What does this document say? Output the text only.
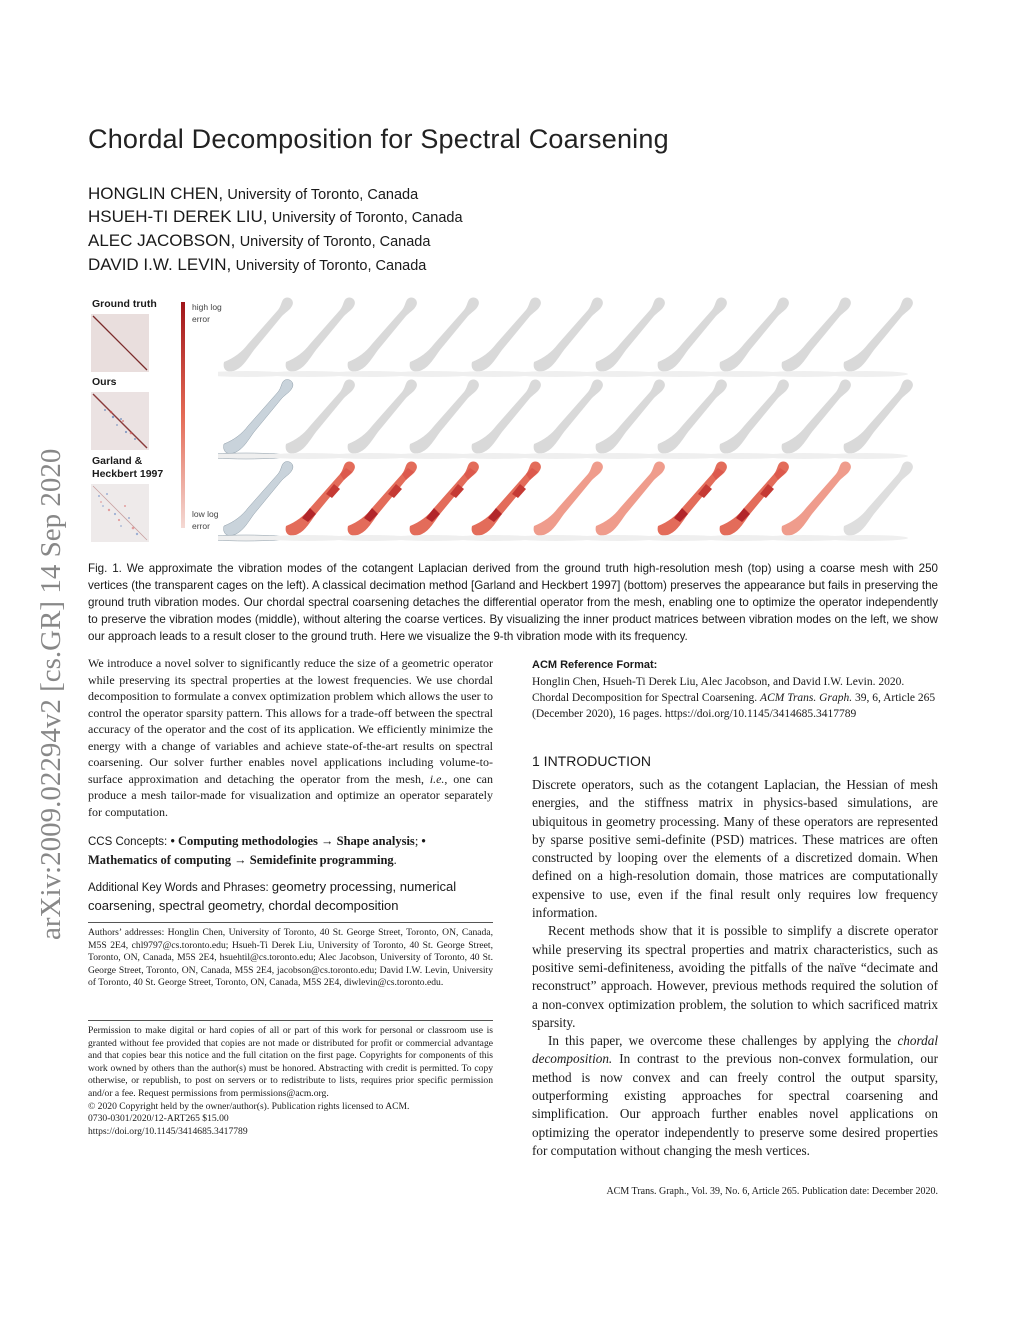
arXiv:2009.02294v2 [cs.GR] 14 Sep 2020
Chordal Decomposition for Spectral Coarsening
HONGLIN CHEN, University of Toronto, Canada
HSUEH-TI DEREK LIU, University of Toronto, Canada
ALEC JACOBSON, University of Toronto, Canada
DAVID I.W. LEVIN, University of Toronto, Canada
Ground truth
Ours
Garland &
Heckbert 1997
high log
error
low log
error
Fig. 1. We approximate the vibration modes of the cotangent Laplacian derived from the ground truth high-resolution mesh (top) using a coarse mesh with 250 vertices (the transparent cages on the left). A classical decimation method [Garland and Heckbert 1997] (bottom) preserves the appearance but fails in preserving the ground truth vibration modes. Our chordal spectral coarsening detaches the differential operator from the mesh, enabling one to optimize the operator independently to preserve the vibration modes (middle), without altering the coarse vertices. By visualizing the inner product matrices between vibration modes on the left, we show our approach leads to a result closer to the ground truth. Here we visualize the 9-th vibration mode with its frequency.
We introduce a novel solver to significantly reduce the size of a geometric operator while preserving its spectral properties at the lowest frequencies. We use chordal decomposition to formulate a convex optimization problem which allows the user to control the operator sparsity pattern. This allows for a trade-off between the spectral accuracy of the operator and the cost of its application. We efficiently minimize the energy with a change of variables and achieve state-of-the-art results on spectral coarsening. Our solver further enables novel applications including volume-to-surface approximation and detaching the operator from the mesh, i.e., one can produce a mesh tailor-made for visualization and optimize an operator separately for computation.
CCS Concepts: • Computing methodologies → Shape analysis; • Mathematics of computing → Semidefinite programming.
Additional Key Words and Phrases: geometry processing, numerical coarsening, spectral geometry, chordal decomposition
Authors’ addresses: Honglin Chen, University of Toronto, 40 St. George Street, Toronto, ON, Canada, M5S 2E4, chl9797@cs.toronto.edu; Hsueh-Ti Derek Liu, University of Toronto, 40 St. George Street, Toronto, ON, Canada, M5S 2E4, hsuehtil@cs.toronto.edu; Alec Jacobson, University of Toronto, 40 St. George Street, Toronto, ON, Canada, M5S 2E4, jacobson@cs.toronto.edu; David I.W. Levin, University of Toronto, 40 St. George Street, Toronto, ON, Canada, M5S 2E4, diwlevin@cs.toronto.edu.
Permission to make digital or hard copies of all or part of this work for personal or classroom use is granted without fee provided that copies are not made or distributed for profit or commercial advantage and that copies bear this notice and the full citation on the first page. Copyrights for components of this work owned by others than the author(s) must be honored. Abstracting with credit is permitted. To copy otherwise, or republish, to post on servers or to redistribute to lists, requires prior specific permission and/or a fee. Request permissions from permissions@acm.org.
© 2020 Copyright held by the owner/author(s). Publication rights licensed to ACM.
0730-0301/2020/12-ART265 $15.00
https://doi.org/10.1145/3414685.3417789
ACM Reference Format:
Honglin Chen, Hsueh-Ti Derek Liu, Alec Jacobson, and David I.W. Levin. 2020. Chordal Decomposition for Spectral Coarsening. ACM Trans. Graph. 39, 6, Article 265 (December 2020), 16 pages. https://doi.org/10.1145/3414685.3417789
1 INTRODUCTION

Discrete operators, such as the cotangent Laplacian, the Hessian of mesh energies, and the stiffness matrix in physics-based simulations, are ubiquitous in geometry processing. Many of these operators are represented by sparse positive semi-definite (PSD) matrices. These matrices are often constructed by looping over the elements of a discretized domain. When defined on a high-resolution domain, those matrices are computationally expensive to use, even if the final result only requires low frequency information.

Recent methods show that it is possible to simplify a discrete operator while preserving its spectral properties and matrix characteristics, such as positive semi-definiteness, avoiding the pitfalls of the naïve “decimate and reconstruct” approach. However, previous methods required the solution of a non-convex optimization problem, the solution to which sacrificed matrix sparsity.

In this paper, we overcome these challenges by applying the chordal decomposition. In contrast to the previous non-convex formulation, our method is now convex and can freely control the output sparsity, outperforming existing approaches for spectral coarsening and simplification. Our approach further enables novel applications on optimizing the operator independently to preserve some desired properties for computation without changing the mesh vertices.

ACM Trans. Graph., Vol. 39, No. 6, Article 265. Publication date: December 2020.
